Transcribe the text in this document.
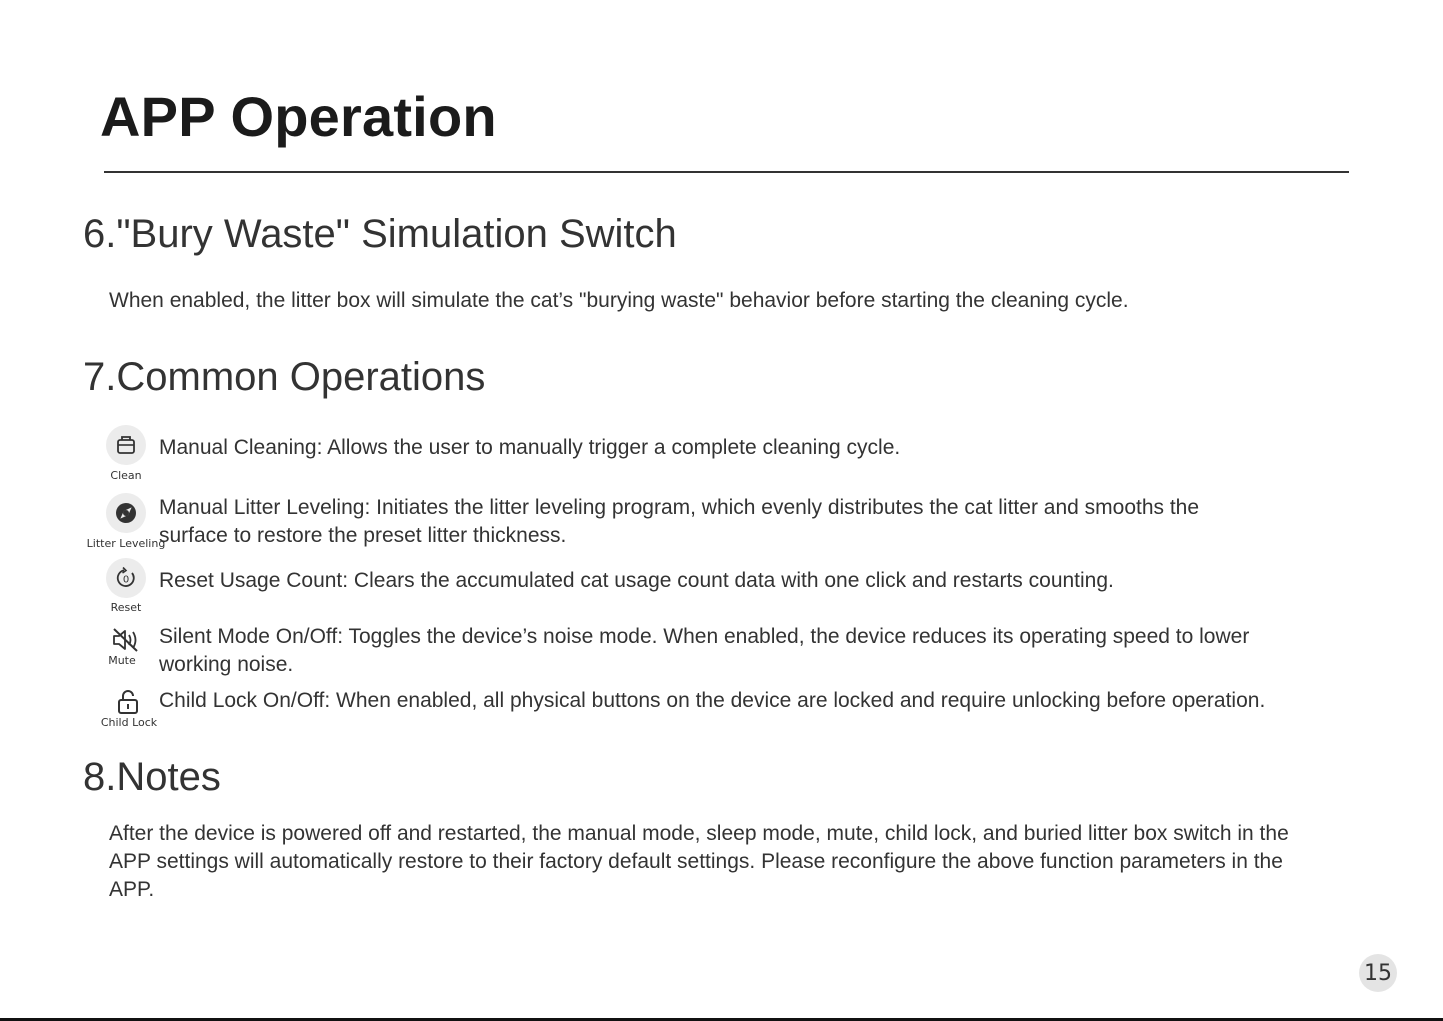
APP Operation
6."Bury Waste" Simulation Switch

When enabled, the litter box will simulate the cat’s "burying waste" behavior before starting the cleaning cycle.

7.Common Operations
Clean

Manual Cleaning: Allows the user to manually trigger a complete cleaning cycle.

Litter Leveling

Manual Litter Leveling: Initiates the litter leveling program, which evenly distributes the cat litter and smooths the surface to restore the preset litter thickness.

0
Reset

Reset Usage Count: Clears the accumulated cat usage count data with one click and restarts counting.

Mute

Silent Mode On/Off: Toggles the device’s noise mode. When enabled, the device reduces its operating speed to lower working noise.

Child Lock

Child Lock On/Off: When enabled, all physical buttons on the device are locked and require unlocking before operation.

8.Notes

After the device is powered off and restarted, the manual mode, sleep mode, mute, child lock, and buried litter box switch in the APP settings will automatically restore to their factory default settings. Please reconfigure the above function parameters in the APP.

15
